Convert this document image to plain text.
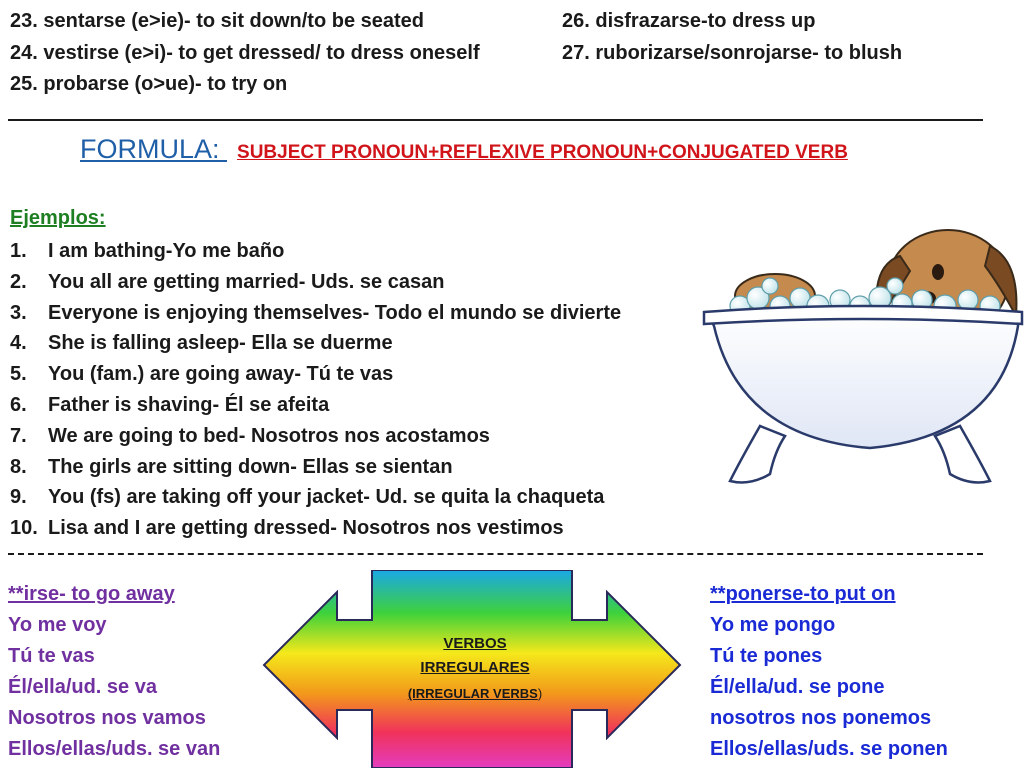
23. sentarse (e>ie)- to sit down/to be seated	26. disfrazarse-to dress up
24. vestirse (e>i)- to get dressed/ to dress oneself	27. ruborizarse/sonrojarse- to blush
25. probarse (o>ue)- to try on
FORMULA: SUBJECT PRONOUN+REFLEXIVE PRONOUN+CONJUGATED VERB
Ejemplos:
1. I am bathing-Yo me baño
2. You all are getting married- Uds. se casan
3. Everyone is enjoying themselves- Todo el mundo se divierte
4. She is falling asleep- Ella se duerme
5. You (fam.) are going away- Tú te vas
6. Father is shaving- Él se afeita
7. We are going to bed- Nosotros nos acostamos
8. The girls are sitting down- Ellas se sientan
9. You (fs) are taking off your jacket- Ud. se quita la chaqueta
10. Lisa and I are getting dressed- Nosotros nos vestimos
**irse- to go away
Yo me voy
Tú te vas
Él/ella/ud. se va
Nosotros nos vamos
Ellos/ellas/uds. se van
VERBOS
IRREGULARES
(IRREGULAR VERBS)
**ponerse-to put on
Yo me pongo
Tú te pones
Él/ella/ud. se pone
nosotros nos ponemos
Ellos/ellas/uds. se ponen
